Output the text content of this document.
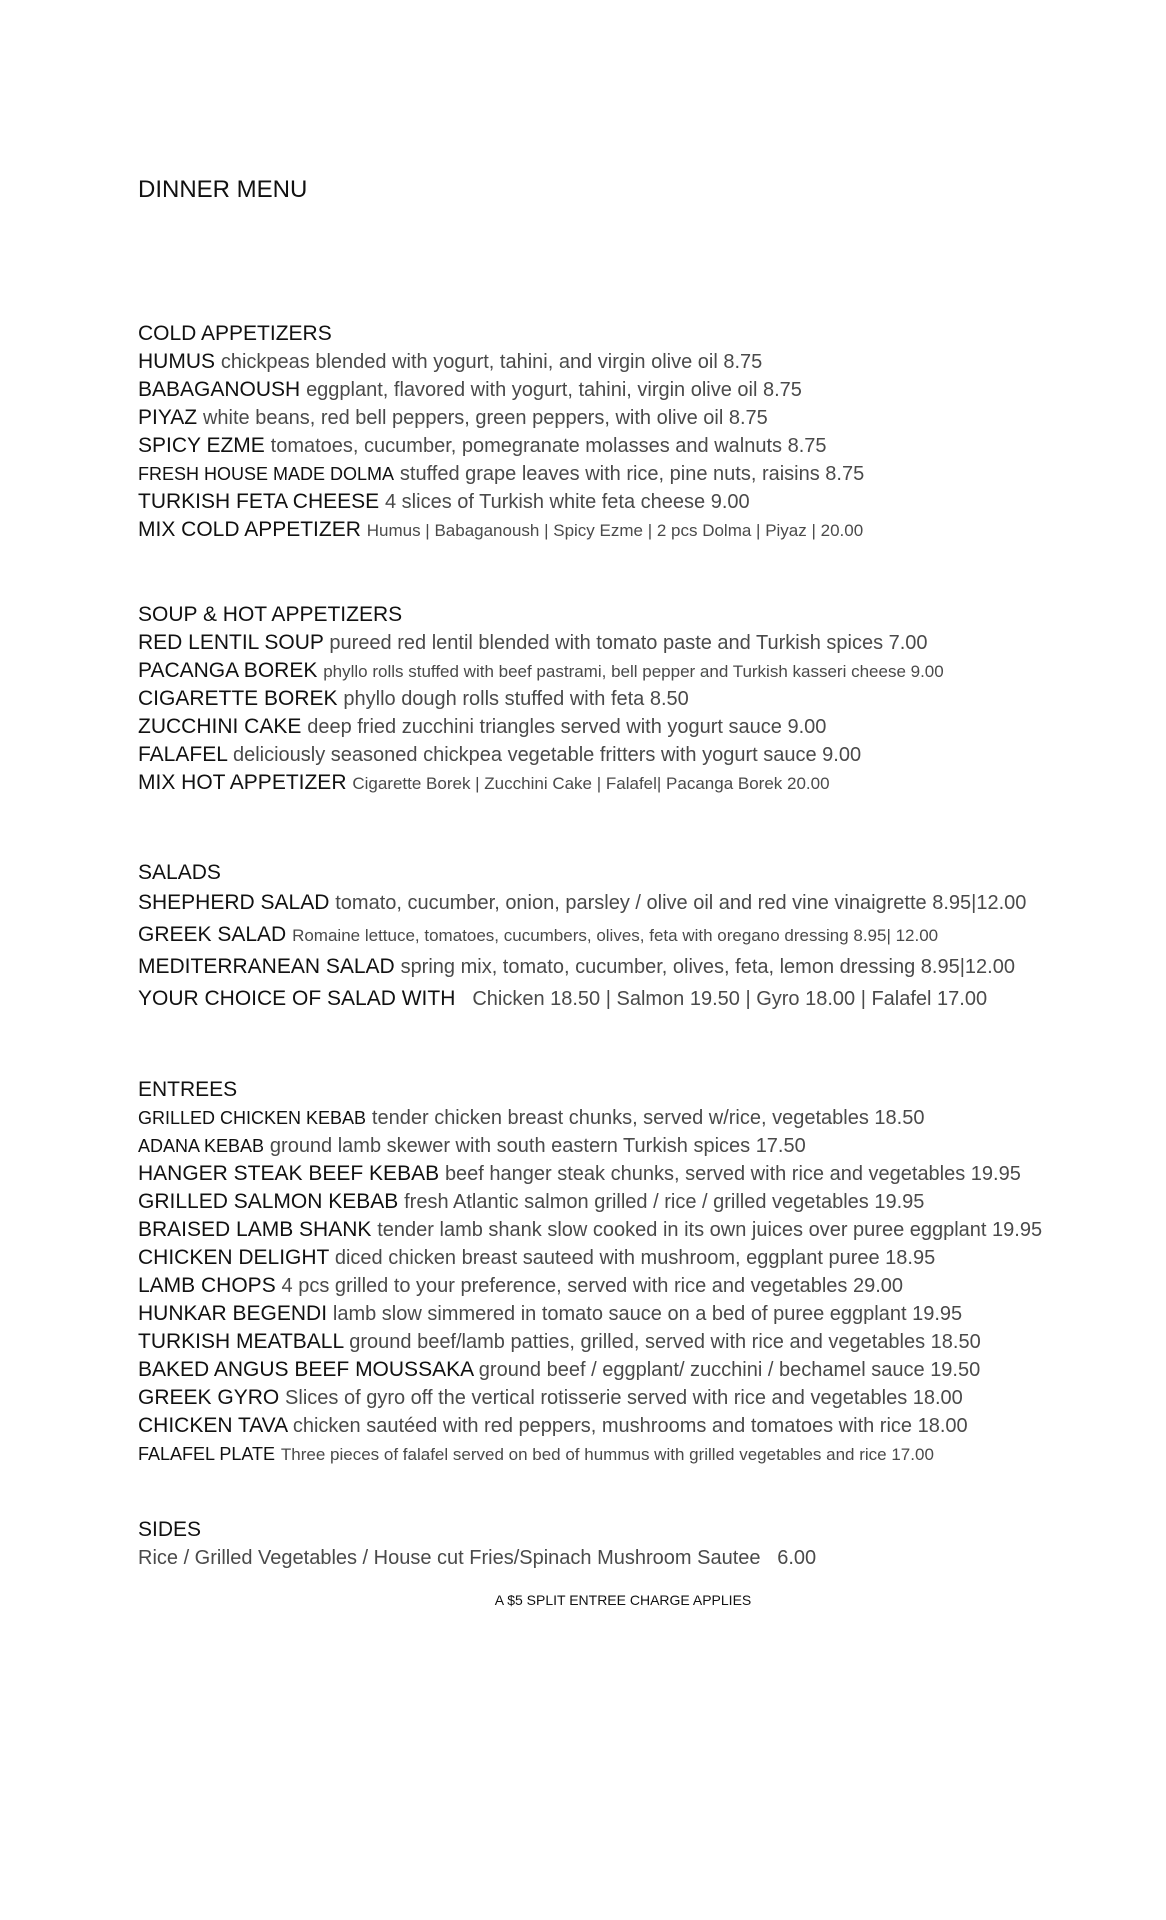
DINNER MENU
COLD APPETIZERS
HUMUS chickpeas blended with yogurt, tahini, and virgin olive oil 8.75
BABAGANOUSH eggplant, flavored with yogurt, tahini, virgin olive oil 8.75
PIYAZ white beans, red bell peppers, green peppers, with olive oil 8.75
SPICY EZME tomatoes, cucumber, pomegranate molasses and walnuts 8.75
FRESH HOUSE MADE DOLMA stuffed grape leaves with rice, pine nuts, raisins 8.75
TURKISH FETA CHEESE 4 slices of Turkish white feta cheese 9.00
MIX COLD APPETIZER Humus | Babaganoush | Spicy Ezme | 2 pcs Dolma | Piyaz | 20.00
SOUP & HOT APPETIZERS
RED LENTIL SOUP pureed red lentil blended with tomato paste and Turkish spices 7.00
PACANGA BOREK phyllo rolls stuffed with beef pastrami, bell pepper and Turkish kasseri cheese 9.00
CIGARETTE BOREK phyllo dough rolls stuffed with feta 8.50
ZUCCHINI CAKE deep fried zucchini triangles served with yogurt sauce 9.00
FALAFEL deliciously seasoned chickpea vegetable fritters with yogurt sauce 9.00
MIX HOT APPETIZER Cigarette Borek | Zucchini Cake | Falafel| Pacanga Borek 20.00
SALADS
SHEPHERD SALAD tomato, cucumber, onion, parsley / olive oil and red vine vinaigrette 8.95|12.00
GREEK SALAD Romaine lettuce, tomatoes, cucumbers, olives, feta with oregano dressing 8.95| 12.00
MEDITERRANEAN SALAD spring mix, tomato, cucumber, olives, feta, lemon dressing 8.95|12.00
YOUR CHOICE OF SALAD WITH   Chicken 18.50 | Salmon 19.50 | Gyro 18.00 | Falafel 17.00
ENTREES
GRILLED CHICKEN KEBAB tender chicken breast chunks, served w/rice, vegetables 18.50
ADANA KEBAB ground lamb skewer with south eastern Turkish spices 17.50
HANGER STEAK BEEF KEBAB beef hanger steak chunks, served with rice and vegetables 19.95
GRILLED SALMON KEBAB fresh Atlantic salmon grilled / rice / grilled vegetables 19.95
BRAISED LAMB SHANK tender lamb shank slow cooked in its own juices over puree eggplant 19.95
CHICKEN DELIGHT diced chicken breast sauteed with mushroom, eggplant puree 18.95
LAMB CHOPS 4 pcs grilled to your preference, served with rice and vegetables 29.00
HUNKAR BEGENDI lamb slow simmered in tomato sauce on a bed of puree eggplant 19.95
TURKISH MEATBALL ground beef/lamb patties, grilled, served with rice and vegetables 18.50
BAKED ANGUS BEEF MOUSSAKA ground beef / eggplant/ zucchini / bechamel sauce 19.50
GREEK GYRO Slices of gyro off the vertical rotisserie served with rice and vegetables 18.00
CHICKEN TAVA chicken sautéed with red peppers, mushrooms and tomatoes with rice 18.00
FALAFEL PLATE Three pieces of falafel served on bed of hummus with grilled vegetables and rice 17.00
SIDES
Rice / Grilled Vegetables / House cut Fries/Spinach Mushroom Sautee   6.00
A $5 SPLIT ENTREE CHARGE APPLIES
